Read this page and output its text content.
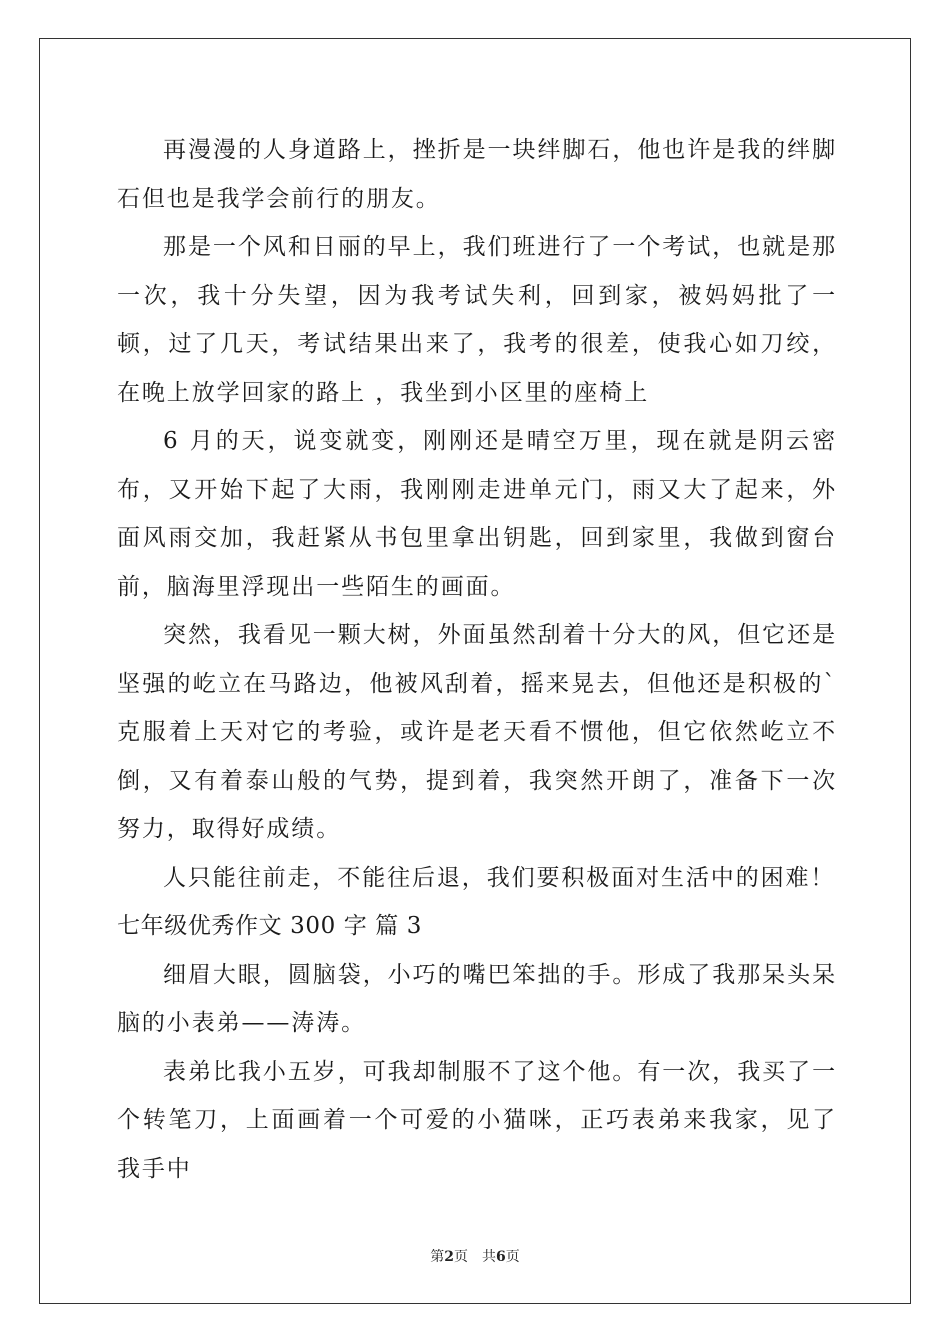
再漫漫的人身道路上，挫折是一块绊脚石，他也许是我的绊脚石但也是我学会前行的朋友。

那是一个风和日丽的早上，我们班进行了一个考试，也就是那一次，我十分失望，因为我考试失利，回到家，被妈妈批了一顿，过了几天，考试结果出来了，我考的很差，使我心如刀绞，在晚上放学回家的路上 ，我坐到小区里的座椅上

6 月的天，说变就变，刚刚还是晴空万里，现在就是阴云密布，又开始下起了大雨，我刚刚走进单元门，雨又大了起来，外面风雨交加，我赶紧从书包里拿出钥匙，回到家里，我做到窗台前，脑海里浮现出一些陌生的画面。

突然，我看见一颗大树，外面虽然刮着十分大的风，但它还是坚强的屹立在马路边，他被风刮着，摇来晃去，但他还是积极的`克服着上天对它的考验，或许是老天看不惯他，但它依然屹立不倒，又有着泰山般的气势，提到着，我突然开朗了，准备下一次努力，取得好成绩。

人只能往前走，不能往后退，我们要积极面对生活中的困难！

七年级优秀作文 300 字 篇 3

细眉大眼，圆脑袋，小巧的嘴巴笨拙的手。形成了我那呆头呆脑的小表弟——涛涛。

表弟比我小五岁，可我却制服不了这个他。有一次，我买了一个转笔刀，上面画着一个可爱的小猫咪，正巧表弟来我家，见了我手中

第2页 共6页
